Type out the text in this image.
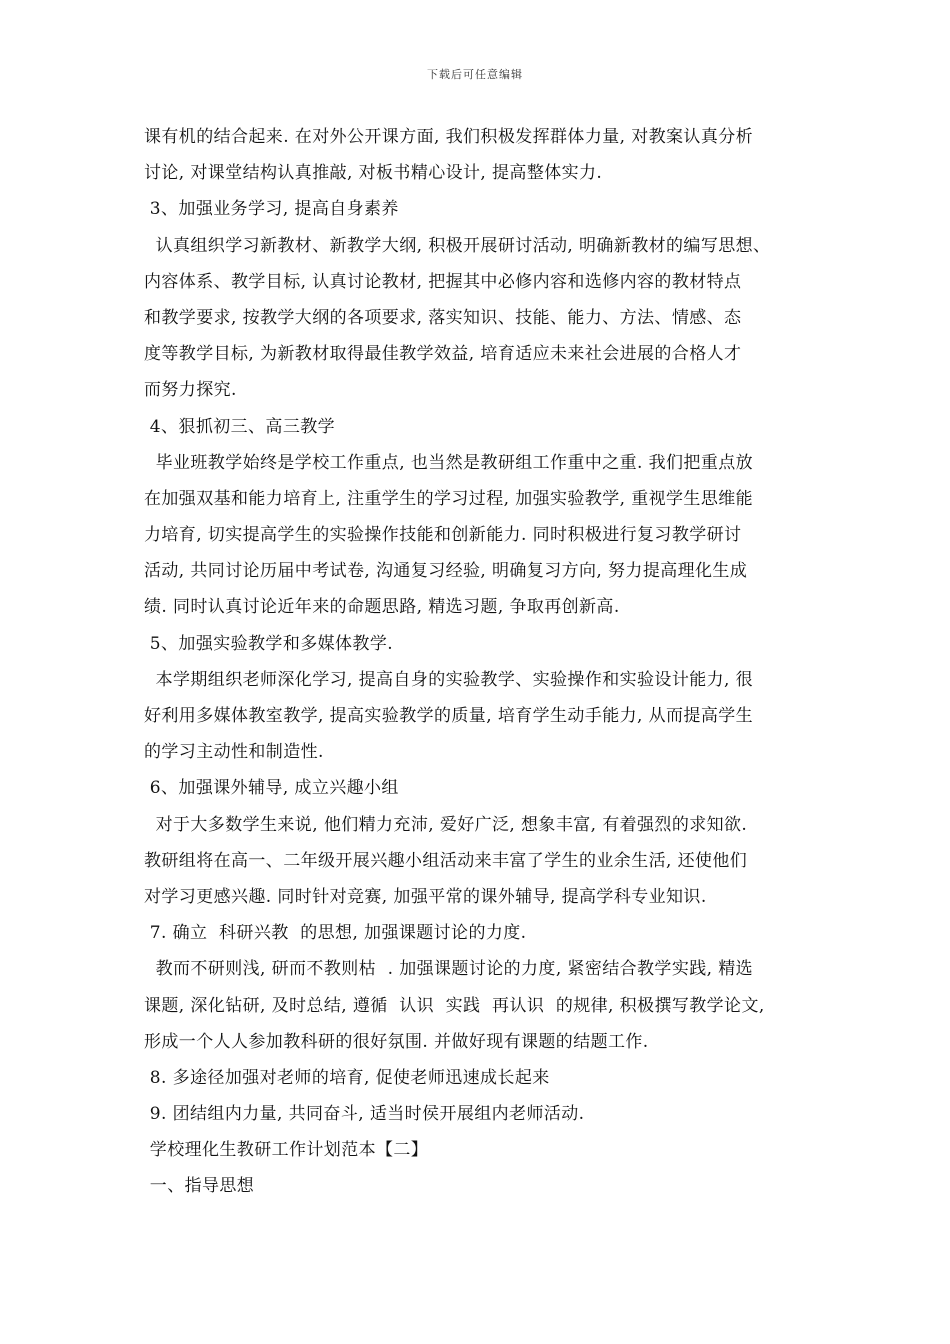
下载后可任意编辑
课有机的结合起来. 在对外公开课方面, 我们积极发挥群体力量, 对教案认真分析
讨论, 对课堂结构认真推敲, 对板书精心设计, 提高整体实力.
3、加强业务学习, 提高自身素养
认真组织学习新教材、新教学大纲, 积极开展研讨活动, 明确新教材的编写思想、
内容体系、教学目标, 认真讨论教材, 把握其中必修内容和选修内容的教材特点
和教学要求, 按教学大纲的各项要求, 落实知识、技能、能力、方法、情感、态
度等教学目标, 为新教材取得最佳教学效益, 培育适应未来社会进展的合格人才
而努力探究.
4、狠抓初三、高三教学
毕业班教学始终是学校工作重点, 也当然是教研组工作重中之重. 我们把重点放
在加强双基和能力培育上, 注重学生的学习过程, 加强实验教学, 重视学生思维能
力培育, 切实提高学生的实验操作技能和创新能力. 同时积极进行复习教学研讨
活动, 共同讨论历届中考试卷, 沟通复习经验, 明确复习方向, 努力提高理化生成
绩. 同时认真讨论近年来的命题思路, 精选习题, 争取再创新高.
5、加强实验教学和多媒体教学.
本学期组织老师深化学习, 提高自身的实验教学、实验操作和实验设计能力, 很
好利用多媒体教室教学, 提高实验教学的质量, 培育学生动手能力, 从而提高学生
的学习主动性和制造性.
6、加强课外辅导, 成立兴趣小组
对于大多数学生来说, 他们精力充沛, 爱好广泛, 想象丰富, 有着强烈的求知欲.
教研组将在高一、二年级开展兴趣小组活动来丰富了学生的业余生活, 还使他们
对学习更感兴趣. 同时针对竞赛, 加强平常的课外辅导, 提高学科专业知识.
7. 确立  科研兴教  的思想, 加强课题讨论的力度.
教而不研则浅, 研而不教则枯  . 加强课题讨论的力度, 紧密结合教学实践, 精选
课题, 深化钻研, 及时总结, 遵循  认识  实践  再认识  的规律, 积极撰写教学论文,
形成一个人人参加教科研的很好氛围. 并做好现有课题的结题工作.
8. 多途径加强对老师的培育, 促使老师迅速成长起来
9. 团结组内力量, 共同奋斗, 适当时侯开展组内老师活动.
学校理化生教研工作计划范本【二】
一、指导思想
